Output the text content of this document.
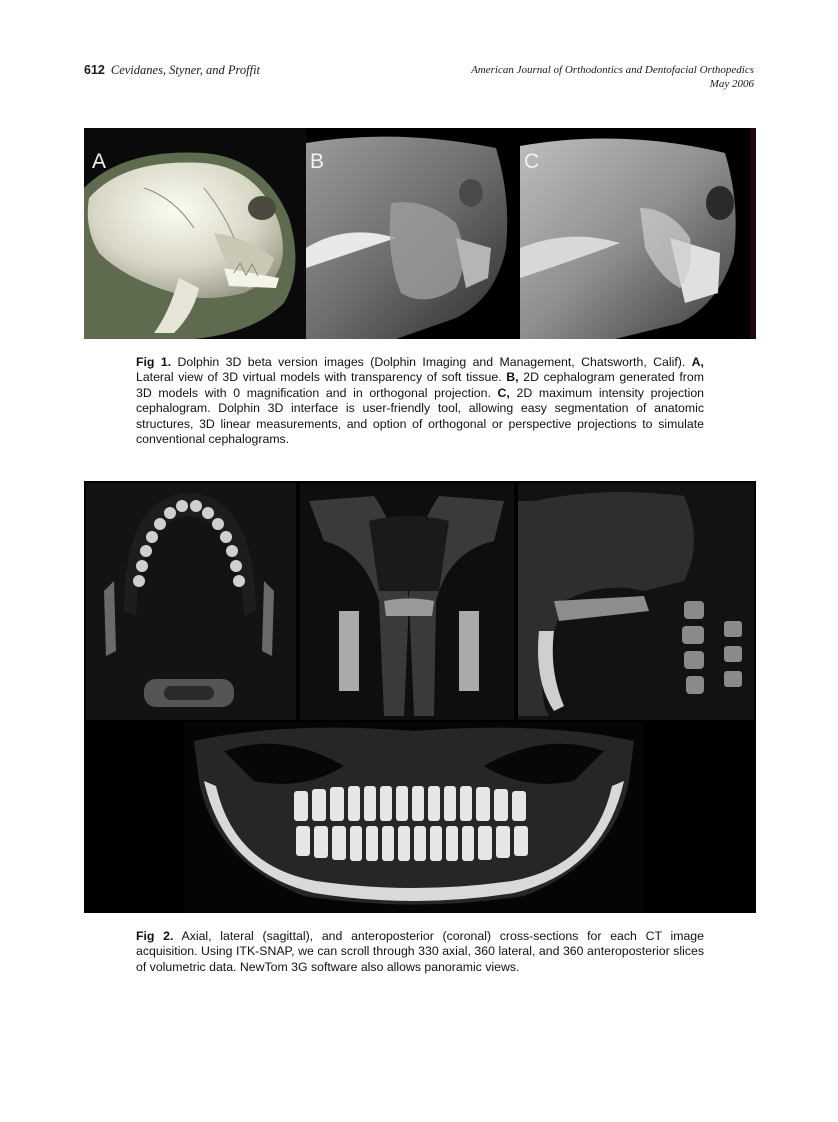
612 Cevidanes, Styner, and Proffit	American Journal of Orthodontics and Dentofacial Orthopedics
May 2006
A	B	C
Fig 1. Dolphin 3D beta version images (Dolphin Imaging and Management, Chatsworth, Calif). A, Lateral view of 3D virtual models with transparency of soft tissue. B, 2D cephalogram generated from 3D models with 0 magnification and in orthogonal projection. C, 2D maximum intensity projection cephalogram. Dolphin 3D interface is user-friendly tool, allowing easy segmentation of anatomic structures, 3D linear measurements, and option of orthogonal or perspective projections to simulate conventional cephalograms.
Fig 2. Axial, lateral (sagittal), and anteroposterior (coronal) cross-sections for each CT image acquisition. Using ITK-SNAP, we can scroll through 330 axial, 360 lateral, and 360 anteroposterior slices of volumetric data. NewTom 3G software also allows panoramic views.
